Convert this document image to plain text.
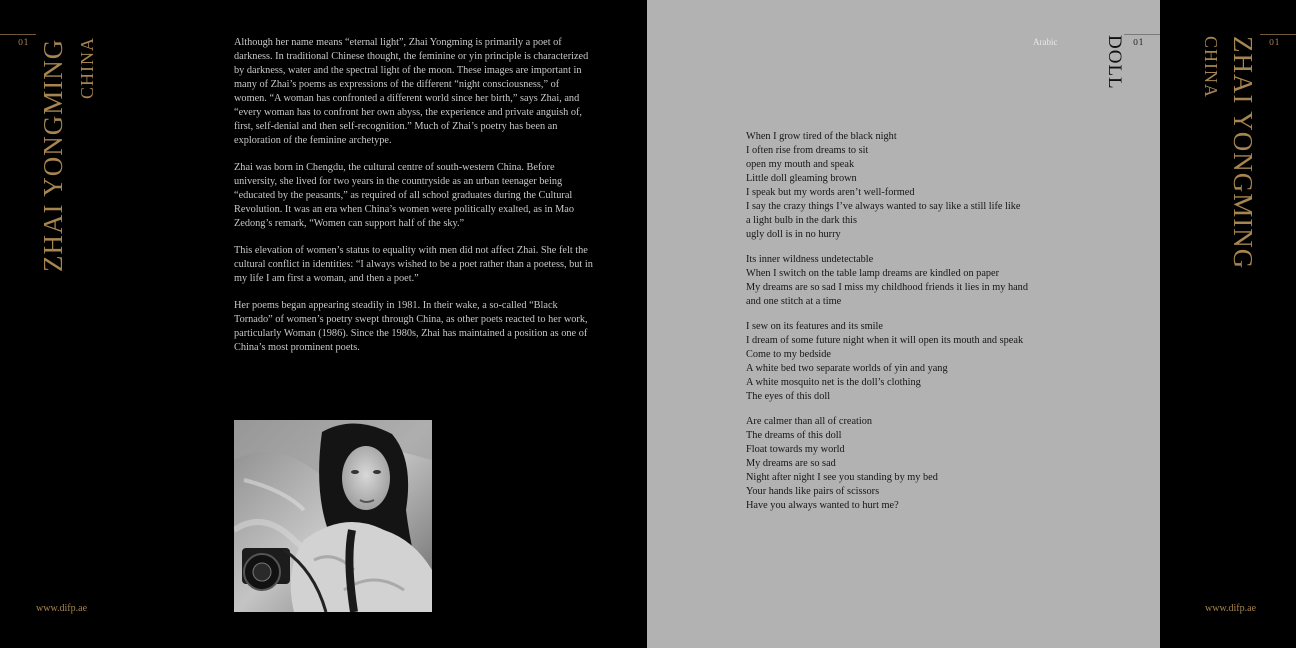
01 ZHAI YONGMING CHINA	Although her name means “eternal light”, Zhai Yongming is primarily a poet of darkness. In traditional Chinese thought, the feminine or yin principle is characterized by darkness, water and the spectral light of the moon. These images are important in many of Zhai’s poems as expressions of the different “night consciousness,” of women. “A woman has confronted a different world since her birth,” says Zhai, and “every woman has to confront her own abyss, the experience and private anguish of, first, self-denial and then self-recognition.” Much of Zhai’s poetry has been an exploration of the feminine archetype.

Zhai was born in Chengdu, the cultural centre of south-western China. Before university, she lived for two years in the countryside as an urban teenager being “educated by the peasants,” as required of all school graduates during the Cultural Revolution. It was an era when China’s women were politically exalted, as in Mao Zedong’s remark, “Women can support half of the sky.”

This elevation of women’s status to equality with men did not affect Zhai. She felt the cultural conflict in identities: “I always wished to be a poet rather than a poetess, but in my life I am first a woman, and then a poet.”

Her poems began appearing steadily in 1981. In their wake, a so-called “Black Tornado” of women’s poetry swept through China, as other poets reacted to her work, particularly Woman (1986). Since the 1980s, Zhai has maintained a position as one of China’s most prominent poets.

www.difp.ae
Arabic DOLL 01
When I grow tired of the black night
I often rise from dreams to sit
open my mouth and speak
Little doll gleaming brown
I speak but my words aren’t well-formed
I say the crazy things I’ve always wanted to say like a still life like
a light bulb in the dark this
ugly doll is in no hurry
Its inner wildness undetectable
When I switch on the table lamp dreams are kindled on paper
My dreams are so sad I miss my childhood friends it lies in my hand and one stitch at a time
I sew on its features and its smile
I dream of some future night when it will open its mouth and speak
Come to my bedside
A white bed two separate worlds of yin and yang
A white mosquito net is the doll’s clothing
The eyes of this doll
Are calmer than all of creation
The dreams of this doll
Float towards my world
My dreams are so sad
Night after night I see you standing by my bed
Your hands like pairs of scissors
Have you always wanted to hurt me?
ZHAI YONGMING
CHINA	01
www.difp.ae
